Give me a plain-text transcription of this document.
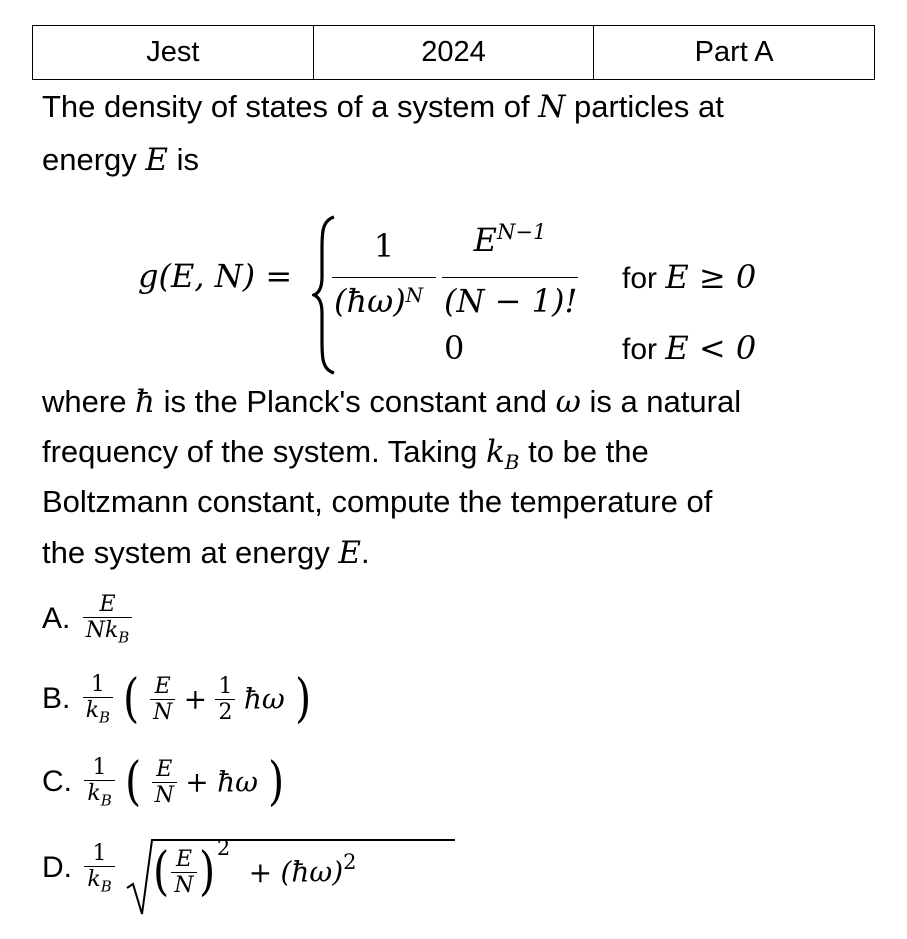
Jest	2024	Part A
The density of states of a system of N particles at
energy E is
g(E, N) =
1
(ħω)$^N$
$E^{N-1}$
(N − 1)!
0
for E ≥ 0
for E < 0
where ħ is the Planck's constant and ω is a natural
frequency of the system. Taking $k_B$ to be the
Boltzmann constant, compute the temperature of
the system at energy E.
A. $\frac{E}{Nk_B}$
B. $\frac{1}{k_B}$ ( $\frac{E}{N} + \frac{1}{2}$ ħω )
C. $\frac{1}{k_B}$ ( $\frac{E}{N}$ + ħω )
D. $\frac{1}{k_B}$
( $\frac{E}{N} )^2$ + (ħω)$^2$
